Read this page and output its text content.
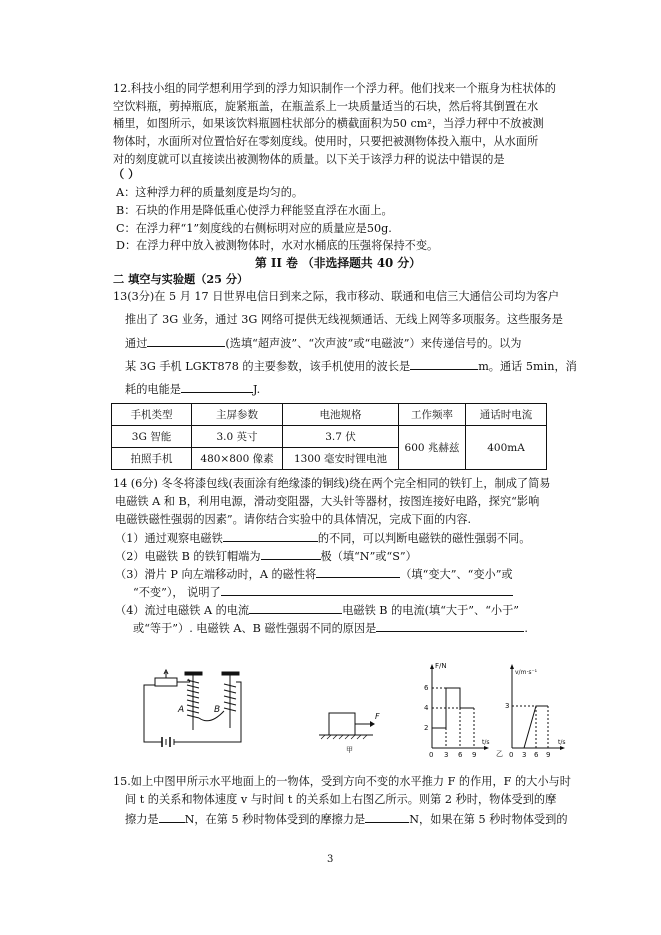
12.科技小组的同学想利用学到的浮力知识制作一个浮力秤。他们找来一个瓶身为柱状体的
空饮料瓶，剪掉瓶底，旋紧瓶盖，在瓶盖系上一块质量适当的石块，然后将其倒置在水
桶里，如图所示，如果该饮料瓶圆柱状部分的横截面积为50 cm²，当浮力秤中不放被测
物体时，水面所对位置恰好在零刻度线。使用时，只要把被测物体投入瓶中，从水面所
对的刻度就可以直接读出被测物体的质量。以下关于该浮力秤的说法中错误的是
（ ）
A：这种浮力秤的质量刻度是均匀的。
B：石块的作用是降低重心使浮力秤能竖直浮在水面上。
C：在浮力秤“1”刻度线的右侧标明对应的质量应是50g.
D：在浮力秤中放入被测物体时，水对水桶底的压强将保持不变。
第 II 卷 （非选择题共 40 分）
二 填空与实验题（25 分）
13(3分)在 5 月 17 日世界电信日到来之际，我市移动、联通和电信三大通信公司均为客户
推出了 3G 业务，通过 3G 网络可提供无线视频通话、无线上网等多项服务。这些服务是
通过	(选填“超声波”、“次声波”或“电磁波”）来传递信号的。以为
某 3G 手机 LGKT878 的主要参数，该手机使用的波长是	m。通话 5min，消
耗的电能是	J.
手机类型	主屏参数	电池规格	工作频率	通话时电流
3G 智能	3.0 英寸	3.7 伏	600 兆赫兹	400mA
拍照手机	480×800 像素	1300 毫安时锂电池		
14 (6分) 冬冬将漆包线(表面涂有绝缘漆的铜线)绕在两个完全相同的铁钉上，制成了简易
电磁铁 A 和 B，利用电源，滑动变阻器，大头针等器材，按图连接好电路，探究“影响
电磁铁磁性强弱的因素”。请你结合实验中的具体情况，完成下面的内容.
（1）通过观察电磁铁	的不同，可以判断电磁铁的磁性强弱不同。
（2）电磁铁 B 的铁钉帽端为	极（填“N”或“S”）
（3）滑片 P 向左端移动时，A 的磁性将	（填“变大”、“变小”或
“不变”）， 说明了
（4）流过电磁铁 A 的电流	电磁铁 B 的电流(填“大于”、“小于”
或“等于”）. 电磁铁 A、B 磁性强弱不同的原因是	.
A	B
F
甲
F/N
6
4
2
0 3 6 9
t/s
v/m·s⁻¹
3
0 3 6 9
t/s
乙
15.如上中图甲所示水平地面上的一物体，受到方向不变的水平推力 F 的作用，F 的大小与时
间 t 的关系和物体速度 v 与时间 t 的关系如上右图乙所示。则第 2 秒时，物体受到的摩
擦力是 N，在第 5 秒时物体受到的摩擦力是	N，如果在第 5 秒时物体受到的
3
